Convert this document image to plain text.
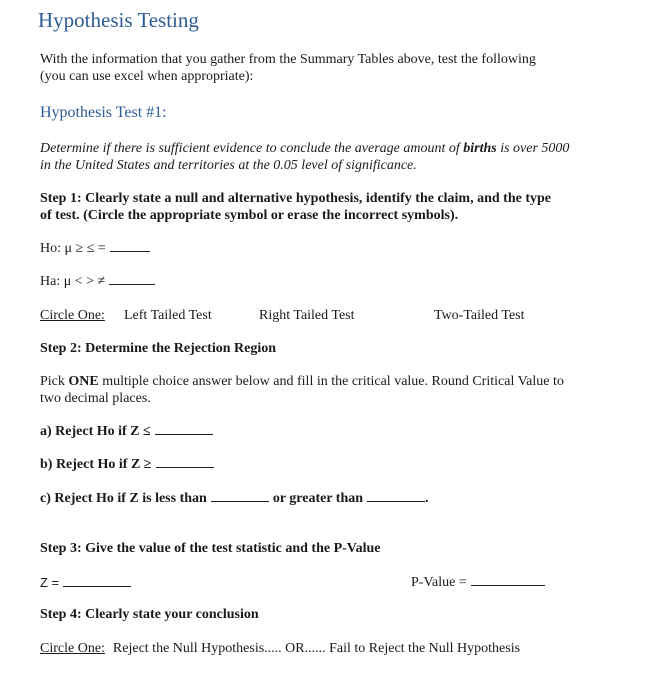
Hypothesis Testing
With the information that you gather from the Summary Tables above, test the following
(you can use excel when appropriate):
Hypothesis Test #1:
Determine if there is sufficient evidence to conclude the average amount of births is over 5000
in the United States and territories at the 0.05 level of significance.
Step 1: Clearly state a null and alternative hypothesis, identify the claim, and the type
of test. (Circle the appropriate symbol or erase the incorrect symbols).
Ho: μ ≥ ≤ =
Ha: μ < > ≠
Circle One: Left Tailed Test	Right Tailed Test	Two-Tailed Test
Step 2: Determine the Rejection Region
Pick ONE multiple choice answer below and fill in the critical value. Round Critical Value to
two decimal places.
a) Reject Ho if Z ≤
b) Reject Ho if Z ≥
c) Reject Ho if Z is less than	or greater than	.
Step 3: Give the value of the test statistic and the P-Value
Z =	P-Value =
Step 4: Clearly state your conclusion
Circle One: Reject the Null Hypothesis..... OR...... Fail to Reject the Null Hypothesis
